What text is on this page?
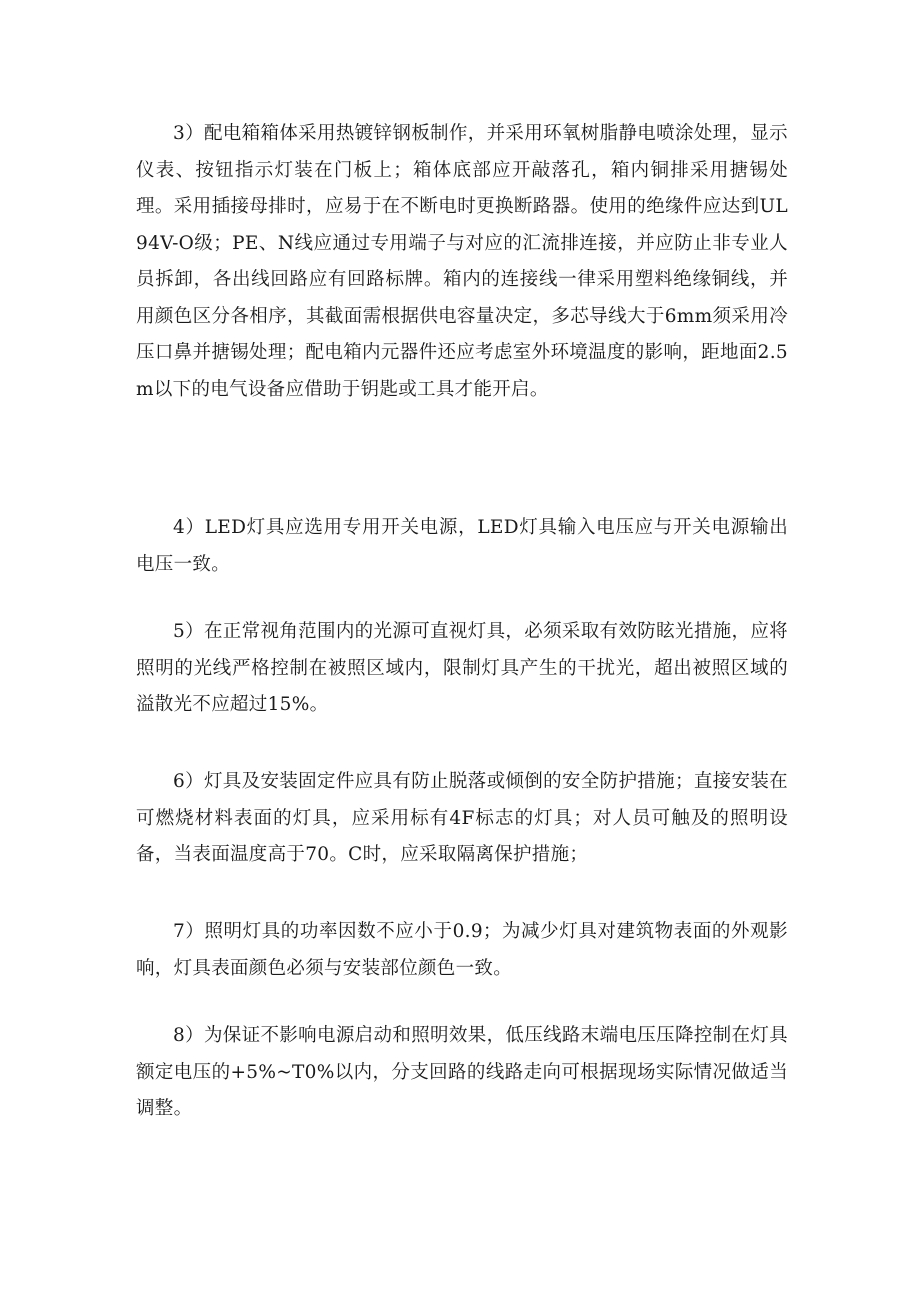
3）配电箱箱体采用热镀锌钢板制作，并采用环氧树脂静电喷涂处理，显示仪表、按钮指示灯装在门板上；箱体底部应开敲落孔，箱内铜排采用搪锡处理。采用插接母排时，应易于在不断电时更换断路器。使用的绝缘件应达到UL94V-O级；PE、N线应通过专用端子与对应的汇流排连接，并应防止非专业人员拆卸，各出线回路应有回路标牌。箱内的连接线一律采用塑料绝缘铜线，并用颜色区分各相序，其截面需根据供电容量决定，多芯导线大于6mm须采用冷压口鼻并搪锡处理；配电箱内元器件还应考虑室外环境温度的影响，距地面2.5m以下的电气设备应借助于钥匙或工具才能开启。

4）LED灯具应选用专用开关电源，LED灯具输入电压应与开关电源输出电压一致。

5）在正常视角范围内的光源可直视灯具，必须采取有效防眩光措施，应将照明的光线严格控制在被照区域内，限制灯具产生的干扰光，超出被照区域的溢散光不应超过15%。

6）灯具及安装固定件应具有防止脱落或倾倒的安全防护措施；直接安装在可燃烧材料表面的灯具，应采用标有4F标志的灯具；对人员可触及的照明设备，当表面温度高于70。C时，应采取隔离保护措施；

7）照明灯具的功率因数不应小于0.9；为减少灯具对建筑物表面的外观影响，灯具表面颜色必须与安装部位颜色一致。

8）为保证不影响电源启动和照明效果，低压线路末端电压压降控制在灯具额定电压的+5%~T0%以内，分支回路的线路走向可根据现场实际情况做适当调整。
